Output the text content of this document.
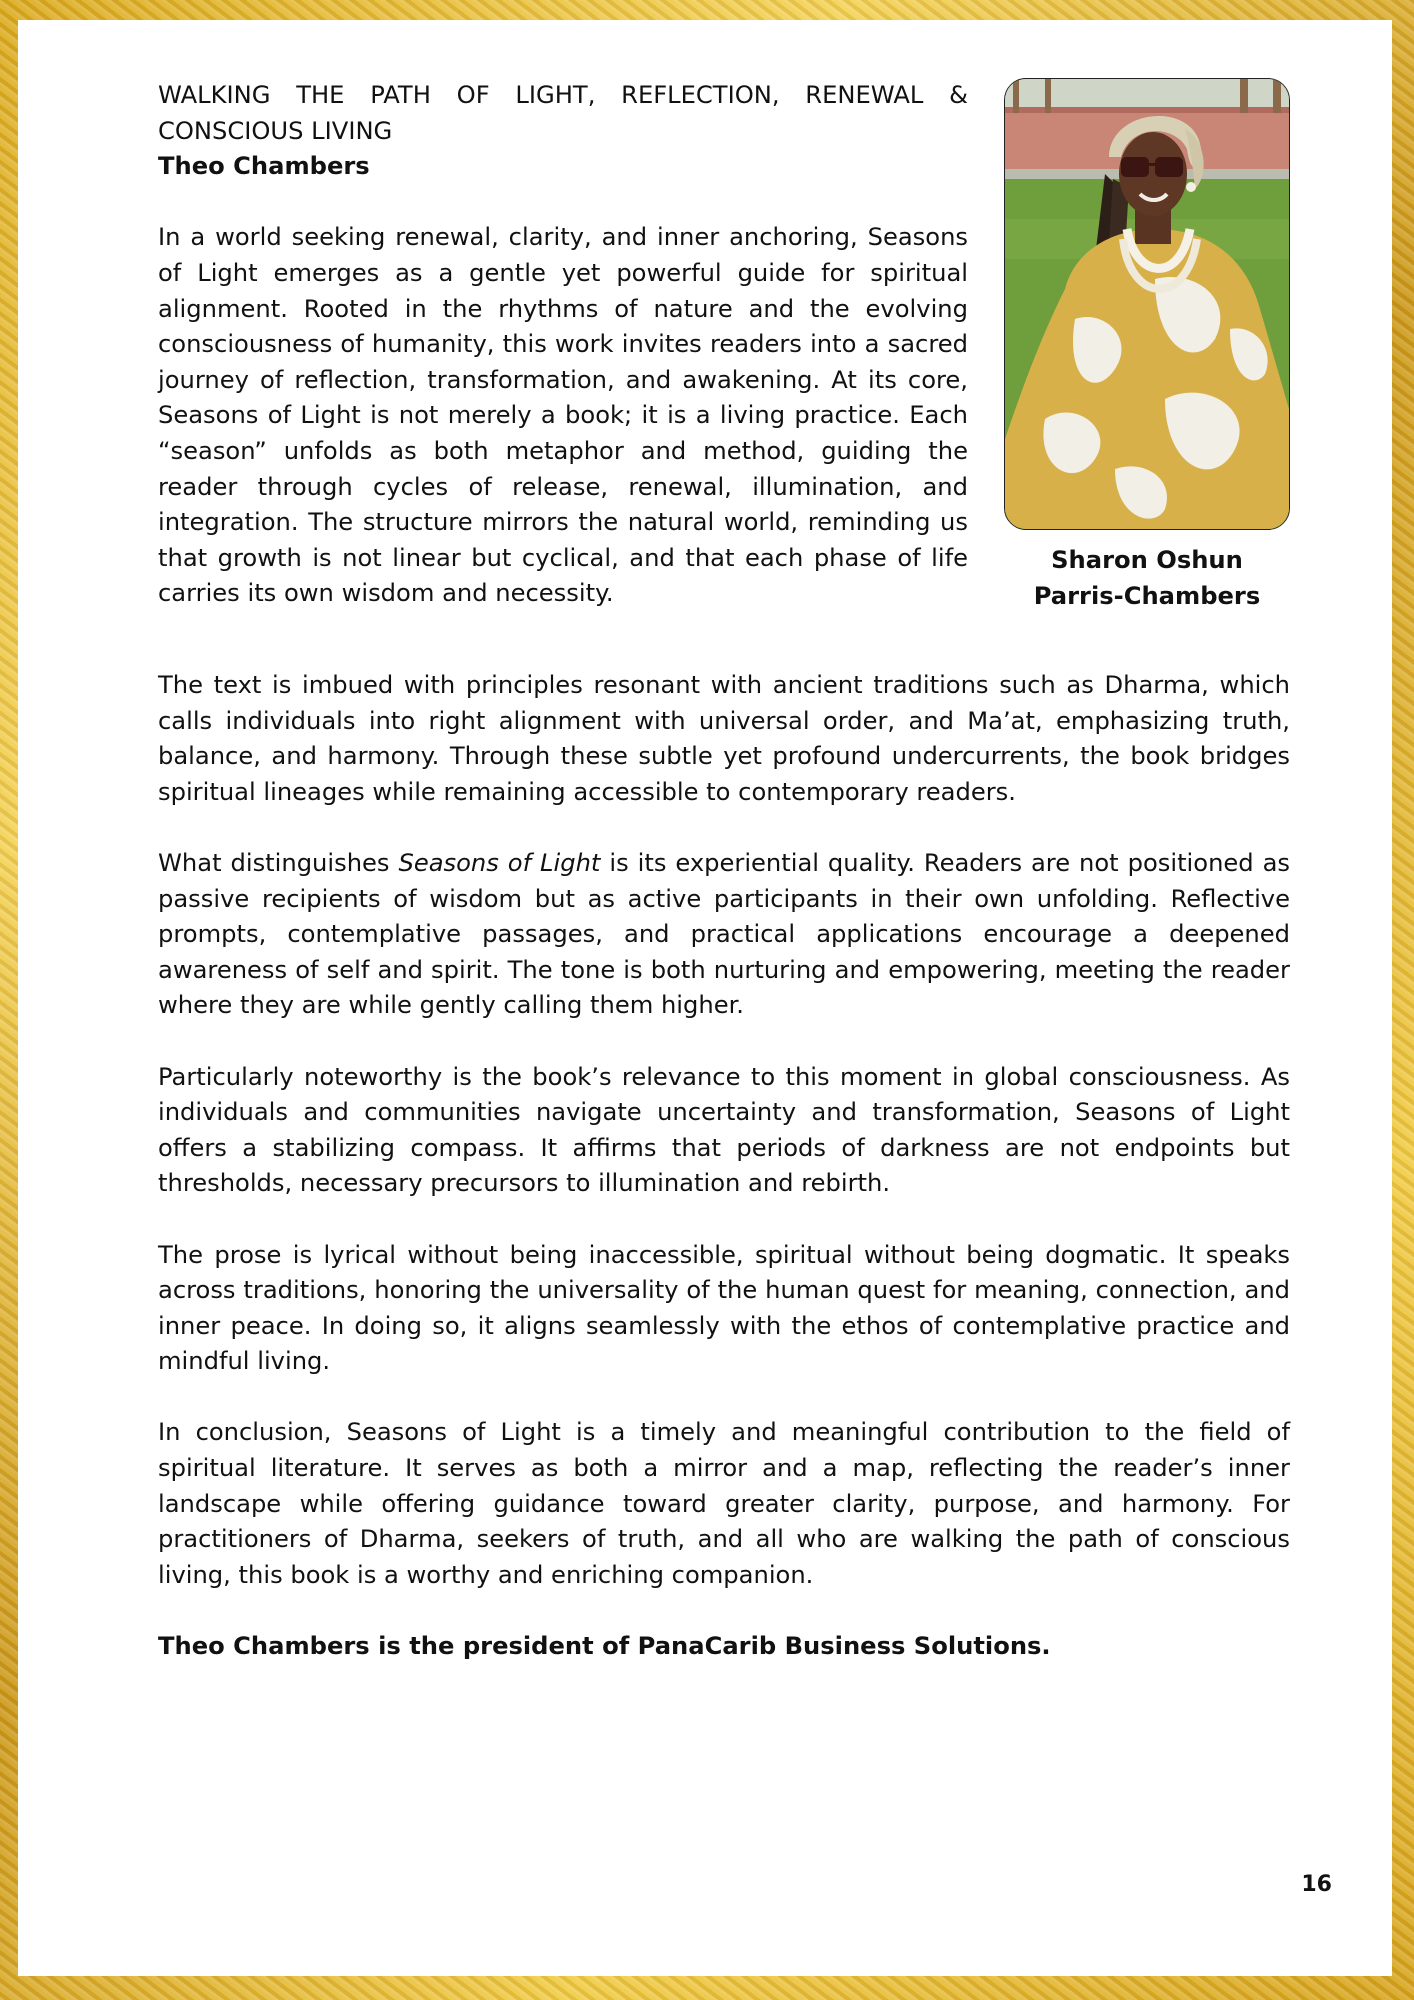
WALKING THE PATH OF LIGHT, REFLECTION, RENEWAL & CONSCIOUS LIVING

Theo Chambers

In a world seeking renewal, clarity, and inner anchoring, Seasons of Light emerges as a gentle yet powerful guide for spiritual alignment. Rooted in the rhythms of nature and the evolving consciousness of humanity, this work invites readers into a sacred journey of reflection, transformation, and awakening. At its core, Seasons of Light is not merely a book; it is a living practice. Each “season” unfolds as both metaphor and method, guiding the reader through cycles of release, renewal, illumination, and integration. The structure mirrors the natural world, reminding us that growth is not linear but cyclical, and that each phase of life carries its own wisdom and necessity.

Sharon Oshun
Parris-Chambers

The text is imbued with principles resonant with ancient traditions such as Dharma, which calls individuals into right alignment with universal order, and Ma’at, emphasizing truth, balance, and harmony. Through these subtle yet profound undercurrents, the book bridges spiritual lineages while remaining accessible to contemporary readers.

What distinguishes Seasons of Light is its experiential quality. Readers are not positioned as passive recipients of wisdom but as active participants in their own unfolding. Reflective prompts, contemplative passages, and practical applications encourage a deepened awareness of self and spirit. The tone is both nurturing and empowering, meeting the reader where they are while gently calling them higher.

Particularly noteworthy is the book’s relevance to this moment in global consciousness. As individuals and communities navigate uncertainty and transformation, Seasons of Light offers a stabilizing compass. It affirms that periods of darkness are not endpoints but thresholds, necessary precursors to illumination and rebirth.

The prose is lyrical without being inaccessible, spiritual without being dogmatic. It speaks across traditions, honoring the universality of the human quest for meaning, connection, and inner peace. In doing so, it aligns seamlessly with the ethos of contemplative practice and mindful living.

In conclusion, Seasons of Light is a timely and meaningful contribution to the field of spiritual literature. It serves as both a mirror and a map, reflecting the reader’s inner landscape while offering guidance toward greater clarity, purpose, and harmony. For practitioners of Dharma, seekers of truth, and all who are walking the path of conscious living, this book is a worthy and enriching companion.

Theo Chambers is the president of PanaCarib Business Solutions.

16
